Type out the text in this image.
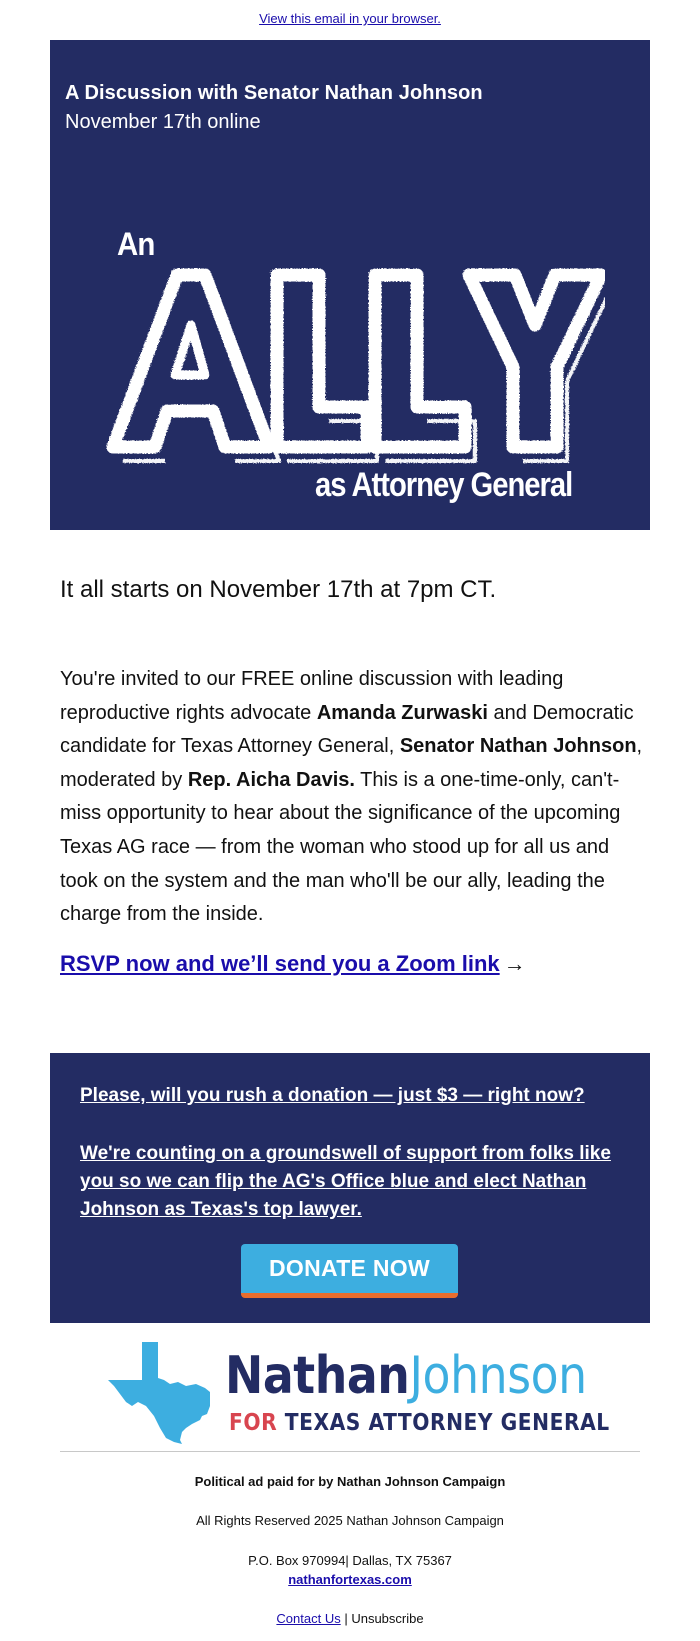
View this email in your browser.
A Discussion with Senator Nathan Johnson
November 17th online
An
as Attorney General
It all starts on November 17th at 7pm CT.
You're invited to our FREE online discussion with leading reproductive rights advocate Amanda Zurwaski and Democratic candidate for Texas Attorney General, Senator Nathan Johnson, moderated by Rep. Aicha Davis. This is a one-time-only, can't-miss opportunity to hear about the significance of the upcoming Texas AG race — from the woman who stood up for all us and took on the system and the man who'll be our ally, leading the charge from the inside.
RSVP now and we’ll send you a Zoom link →
Please, will you rush a donation — just $3 — right now?
We're counting on a groundswell of support from folks like you so we can flip the AG's Office blue and elect Nathan Johnson as Texas's top lawyer.
DONATE NOW
NathanJohnson
FOR TEXAS ATTORNEY GENERAL
Political ad paid for by Nathan Johnson Campaign
All Rights Reserved 2025 Nathan Johnson Campaign
P.O. Box 970994| Dallas, TX 75367
nathanfortexas.com
Contact Us | Unsubscribe
